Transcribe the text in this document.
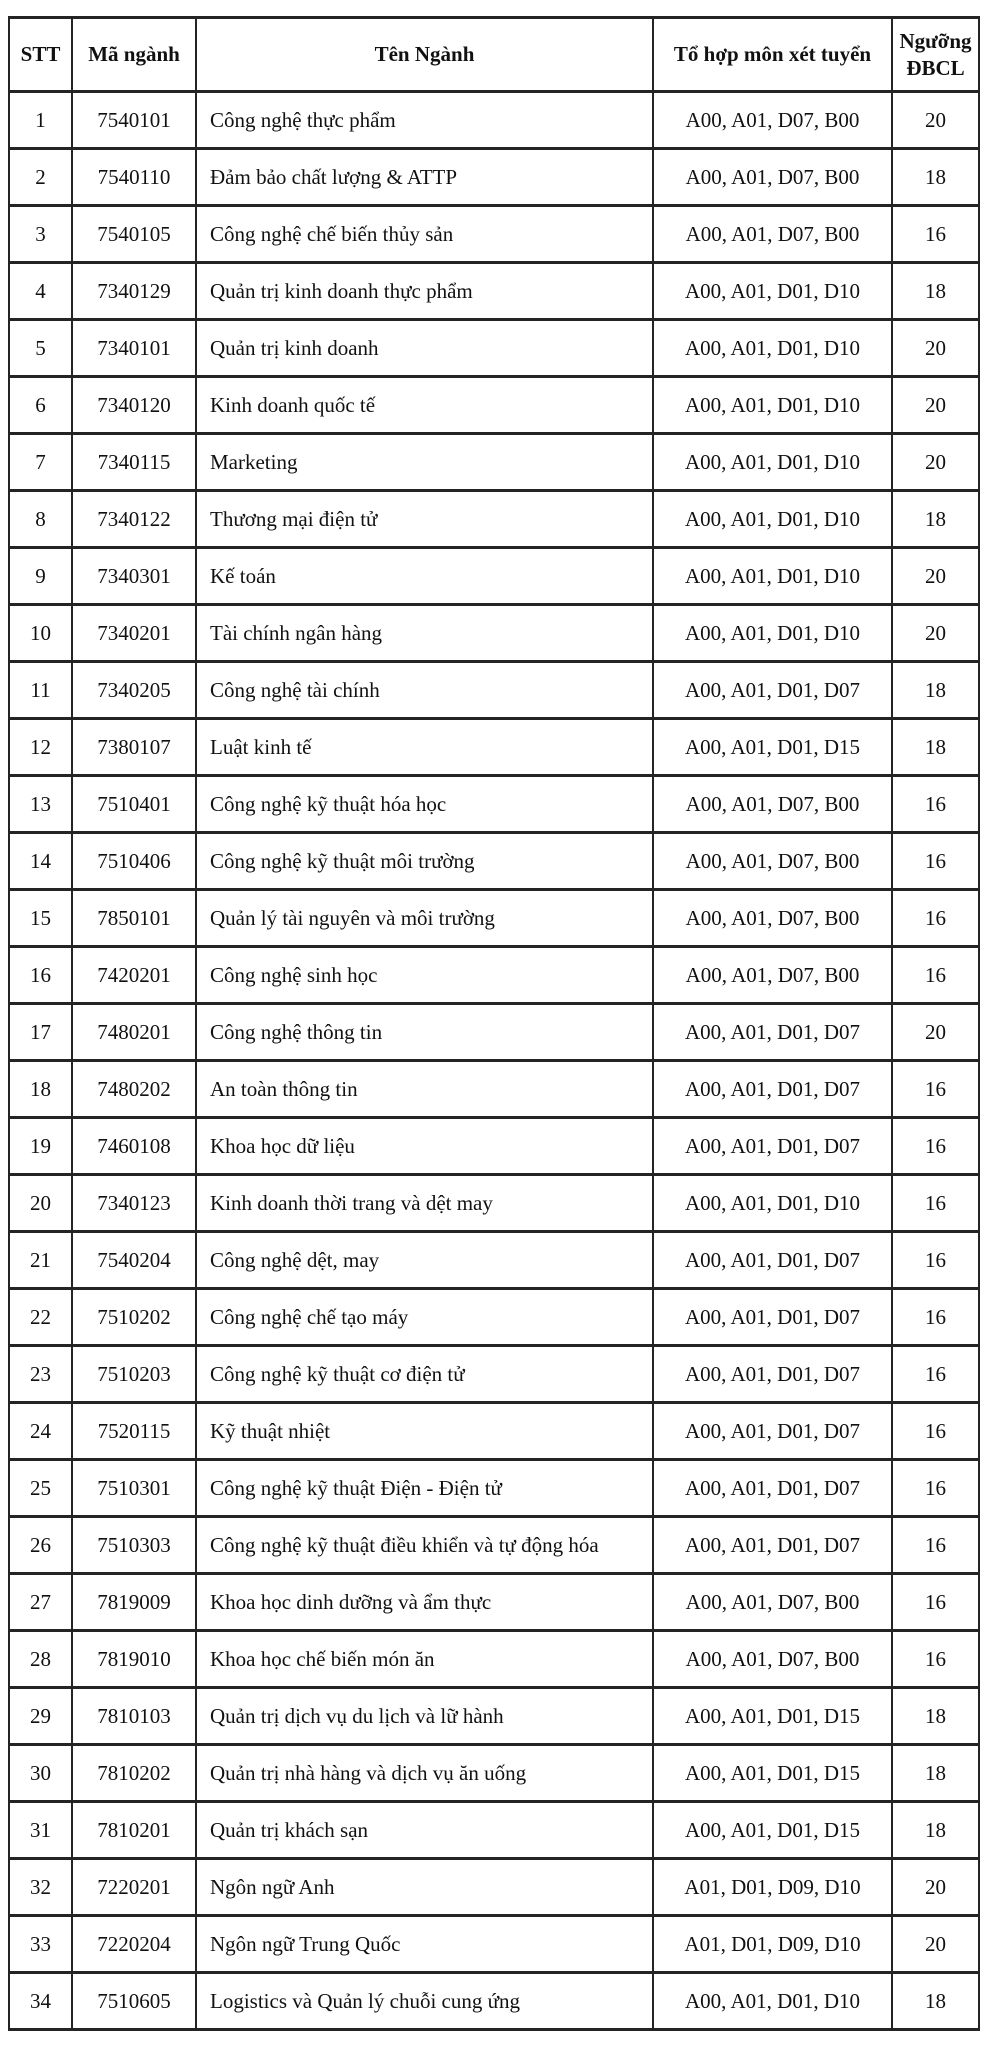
STT	Mã ngành	Tên Ngành	Tổ hợp môn xét tuyển	Ngưỡng ĐBCL
1	7540101	Công nghệ thực phẩm	A00, A01, D07, B00	20
2	7540110	Đảm bảo chất lượng & ATTP	A00, A01, D07, B00	18
3	7540105	Công nghệ chế biến thủy sản	A00, A01, D07, B00	16
4	7340129	Quản trị kinh doanh thực phẩm	A00, A01, D01, D10	18
5	7340101	Quản trị kinh doanh	A00, A01, D01, D10	20
6	7340120	Kinh doanh quốc tế	A00, A01, D01, D10	20
7	7340115	Marketing	A00, A01, D01, D10	20
8	7340122	Thương mại điện tử	A00, A01, D01, D10	18
9	7340301	Kế toán	A00, A01, D01, D10	20
10	7340201	Tài chính ngân hàng	A00, A01, D01, D10	20
11	7340205	Công nghệ tài chính	A00, A01, D01, D07	18
12	7380107	Luật kinh tế	A00, A01, D01, D15	18
13	7510401	Công nghệ kỹ thuật hóa học	A00, A01, D07, B00	16
14	7510406	Công nghệ kỹ thuật môi trường	A00, A01, D07, B00	16
15	7850101	Quản lý tài nguyên và môi trường	A00, A01, D07, B00	16
16	7420201	Công nghệ sinh học	A00, A01, D07, B00	16
17	7480201	Công nghệ thông tin	A00, A01, D01, D07	20
18	7480202	An toàn thông tin	A00, A01, D01, D07	16
19	7460108	Khoa học dữ liệu	A00, A01, D01, D07	16
20	7340123	Kinh doanh thời trang và dệt may	A00, A01, D01, D10	16
21	7540204	Công nghệ dệt, may	A00, A01, D01, D07	16
22	7510202	Công nghệ chế tạo máy	A00, A01, D01, D07	16
23	7510203	Công nghệ kỹ thuật cơ điện tử	A00, A01, D01, D07	16
24	7520115	Kỹ thuật nhiệt	A00, A01, D01, D07	16
25	7510301	Công nghệ kỹ thuật Điện - Điện tử	A00, A01, D01, D07	16
26	7510303	Công nghệ kỹ thuật điều khiển và tự động hóa	A00, A01, D01, D07	16
27	7819009	Khoa học dinh dưỡng và ẩm thực	A00, A01, D07, B00	16
28	7819010	Khoa học chế biến món ăn	A00, A01, D07, B00	16
29	7810103	Quản trị dịch vụ du lịch và lữ hành	A00, A01, D01, D15	18
30	7810202	Quản trị nhà hàng và dịch vụ ăn uống	A00, A01, D01, D15	18
31	7810201	Quản trị khách sạn	A00, A01, D01, D15	18
32	7220201	Ngôn ngữ Anh	A01, D01, D09, D10	20
33	7220204	Ngôn ngữ Trung Quốc	A01, D01, D09, D10	20
34	7510605	Logistics và Quản lý chuỗi cung ứng	A00, A01, D01, D10	18
